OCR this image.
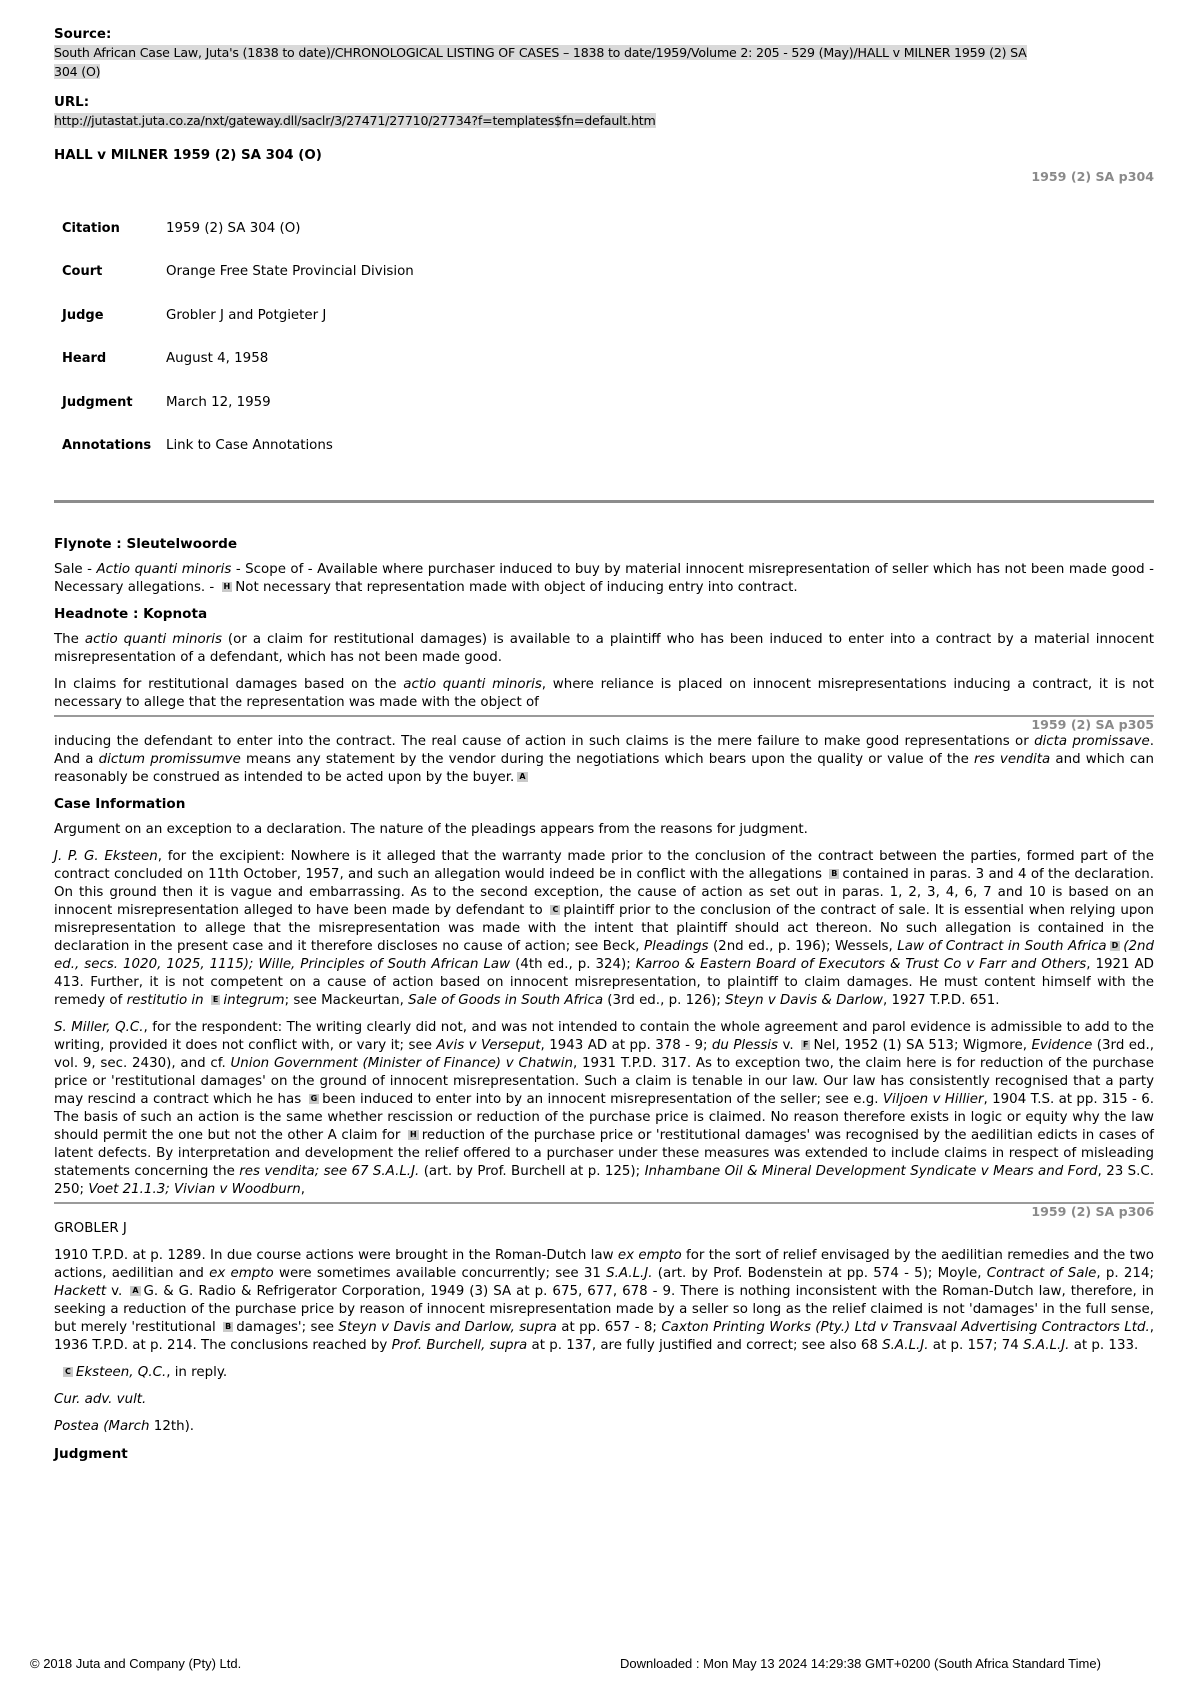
Source:
South African Case Law, Juta's (1838 to date)/CHRONOLOGICAL LISTING OF CASES – 1838 to date/1959/Volume 2: 205 - 529 (May)/HALL v MILNER 1959 (2) SA
304 (O)
URL:
http://jutastat.juta.co.za/nxt/gateway.dll/saclr/3/27471/27710/27734?f=templates$fn=default.htm
HALL v MILNER 1959 (2) SA 304 (O)
1959 (2) SA p304
Citation	1959 (2) SA 304 (O)
Court	Orange Free State Provincial Division
Judge	Grobler J and Potgieter J
Heard	August 4, 1958
Judgment	March 12, 1959
Annotations	Link to Case Annotations
Flynote : Sleutelwoorde

Sale - Actio quanti minoris - Scope of - Available where purchaser induced to buy by material innocent misrepresentation of seller which has not been made good - Necessary allegations. - H Not necessary that representation made with object of inducing entry into contract.

Headnote : Kopnota

The actio quanti minoris (or a claim for restitutional damages) is available to a plaintiff who has been induced to enter into a contract by a material innocent misrepresentation of a defendant, which has not been made good.

In claims for restitutional damages based on the actio quanti minoris, where reliance is placed on innocent misrepresentations inducing a contract, it is not necessary to allege that the representation was made with the object of

1959 (2) SA p305

inducing the defendant to enter into the contract. The real cause of action in such claims is the mere failure to make good representations or dicta promissave. And a dictum promissumve means any statement by the vendor during the negotiations which bears upon the quality or value of the res vendita and which can reasonably be construed as intended to be acted upon by the buyer. A

Case Information

Argument on an exception to a declaration. The nature of the pleadings appears from the reasons for judgment.

J. P. G. Eksteen, for the excipient: Nowhere is it alleged that the warranty made prior to the conclusion of the contract between the parties, formed part of the contract concluded on 11th October, 1957, and such an allegation would indeed be in conflict with the allegations B contained in paras. 3 and 4 of the declaration. On this ground then it is vague and embarrassing. As to the second exception, the cause of action as set out in paras. 1, 2, 3, 4, 6, 7 and 10 is based on an innocent misrepresentation alleged to have been made by defendant to C plaintiff prior to the conclusion of the contract of sale. It is essential when relying upon misrepresentation to allege that the misrepresentation was made with the intent that plaintiff should act thereon. No such allegation is contained in the declaration in the present case and it therefore discloses no cause of action; see Beck, Pleadings (2nd ed., p. 196); Wessels, Law of Contract in South Africa D (2nd ed., secs. 1020, 1025, 1115); Wille, Principles of South African Law (4th ed., p. 324); Karroo & Eastern Board of Executors & Trust Co v Farr and Others, 1921 AD 413. Further, it is not competent on a cause of action based on innocent misrepresentation, to plaintiff to claim damages. He must content himself with the remedy of restitutio in E integrum; see Mackeurtan, Sale of Goods in South Africa (3rd ed., p. 126); Steyn v Davis & Darlow, 1927 T.P.D. 651.

S. Miller, Q.C., for the respondent: The writing clearly did not, and was not intended to contain the whole agreement and parol evidence is admissible to add to the writing, provided it does not conflict with, or vary it; see Avis v Verseput, 1943 AD at pp. 378 - 9; du Plessis v. F Nel, 1952 (1) SA 513; Wigmore, Evidence (3rd ed., vol. 9, sec. 2430), and cf. Union Government (Minister of Finance) v Chatwin, 1931 T.P.D. 317. As to exception two, the claim here is for reduction of the purchase price or 'restitutional damages' on the ground of innocent misrepresentation. Such a claim is tenable in our law. Our law has consistently recognised that a party may rescind a contract which he has G been induced to enter into by an innocent misrepresentation of the seller; see e.g. Viljoen v Hillier, 1904 T.S. at pp. 315 - 6. The basis of such an action is the same whether rescission or reduction of the purchase price is claimed. No reason therefore exists in logic or equity why the law should permit the one but not the other A claim for H reduction of the purchase price or 'restitutional damages' was recognised by the aedilitian edicts in cases of latent defects. By interpretation and development the relief offered to a purchaser under these measures was extended to include claims in respect of misleading statements concerning the res vendita; see 67 S.A.L.J. (art. by Prof. Burchell at p. 125); Inhambane Oil & Mineral Development Syndicate v Mears and Ford, 23 S.C. 250; Voet 21.1.3; Vivian v Woodburn,

1959 (2) SA p306

GROBLER J

1910 T.P.D. at p. 1289. In due course actions were brought in the Roman-Dutch law ex empto for the sort of relief envisaged by the aedilitian remedies and the two actions, aedilitian and ex empto were sometimes available concurrently; see 31 S.A.L.J. (art. by Prof. Bodenstein at pp. 574 - 5); Moyle, Contract of Sale, p. 214; Hackett v. A G. & G. Radio & Refrigerator Corporation, 1949 (3) SA at p. 675, 677, 678 - 9. There is nothing inconsistent with the Roman-Dutch law, therefore, in seeking a reduction of the purchase price by reason of innocent misrepresentation made by a seller so long as the relief claimed is not 'damages' in the full sense, but merely 'restitutional B damages'; see Steyn v Davis and Darlow, supra at pp. 657 - 8; Caxton Printing Works (Pty.) Ltd v Transvaal Advertising Contractors Ltd., 1936 T.P.D. at p. 214. The conclusions reached by Prof. Burchell, supra at p. 137, are fully justified and correct; see also 68 S.A.L.J. at p. 157; 74 S.A.L.J. at p. 133.

C Eksteen, Q.C., in reply.

Cur. adv. vult.

Postea (March 12th).

Judgment
© 2018 Juta and Company (Pty) Ltd.	Downloaded : Mon May 13 2024 14:29:38 GMT+0200 (South Africa Standard Time)
